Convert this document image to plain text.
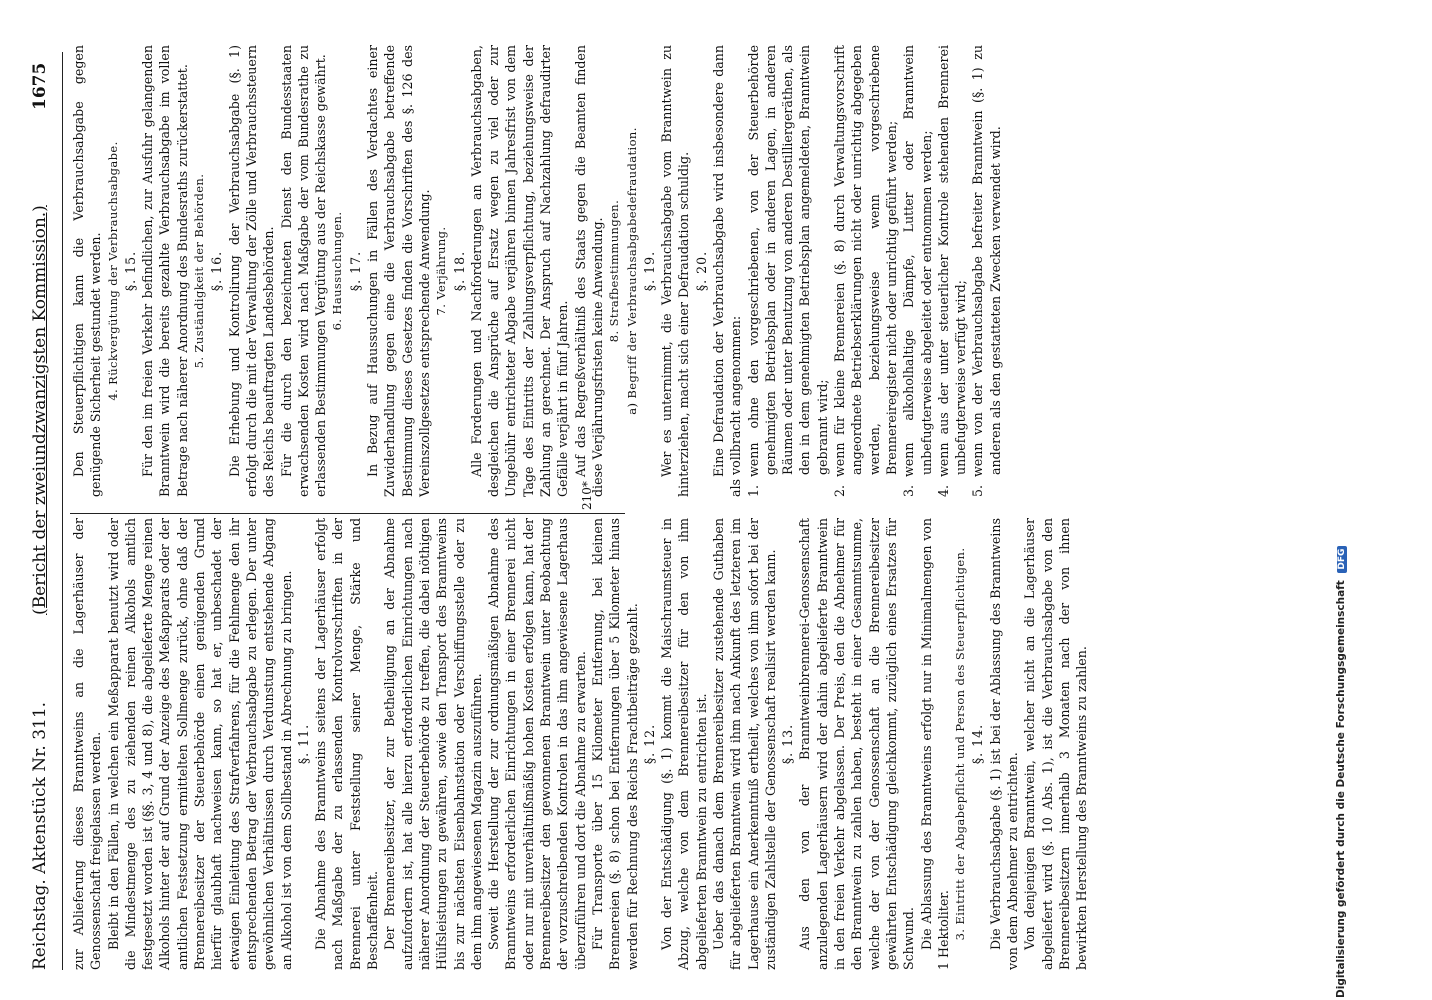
Reichstag. Aktenstück Nr. 311.
(Bericht der zweiundzwanzigsten Kommission.)
1675

zur Ablieferung dieses Branntweins an die Lagerhäuser der Genossenschaft freigelassen werden. Bleibt in den Fällen, in welchen ein Meßapparat benutzt wird oder die Mindestmenge des zu ziehenden reinen Alkohols amtlich festgesetzt worden ist (§§. 3, 4 und 8), die abgelieferte Menge reinen Alkohols hinter der auf Grund der Anzeige des Meßapparats oder der amtlichen Festsetzung ermittelten Sollmenge zurück, ohne daß der Brennereibesitzer der Steuerbehörde einen genügenden Grund hierfür glaubhaft nachweisen kann, so hat er, unbeschadet der etwaigen Einleitung des Strafverfahrens, für die Fehlmenge den ihr entsprechenden Betrag der Verbrauchsabgabe zu erlegen. Der unter gewöhnlichen Verhältnissen durch Verdunstung entstehende Abgang an Alkohol ist von dem Sollbestand in Abrechnung zu bringen. §. 11. Die Abnahme des Branntweins seitens der Lagerhäuser erfolgt nach Maßgabe der zu erlassenden Kontrolvorschriften in der Brennerei unter Feststellung seiner Menge, Stärke und Beschaffenheit. Der Brennereibesitzer, der zur Betheiligung an der Abnahme aufzufordern ist, hat alle hierzu erforderlichen Einrichtungen nach näherer Anordnung der Steuerbehörde zu treffen, die dabei nöthigen Hülfsleistungen zu gewähren, sowie den Transport des Branntweins bis zur nächsten Eisenbahnstation oder Verschiffungsstelle oder zu dem ihm angewiesenen Magazin auszuführen. Soweit die Herstellung der zur ordnungsmäßigen Abnahme des Branntweins erforderlichen Einrichtungen in einer Brennerei nicht oder nur mit unverhältnißmäßig hohen Kosten erfolgen kann, hat der Brennereibesitzer den gewonnenen Branntwein unter Beobachtung der vorzuschreibenden Kontrolen in das ihm angewiesene Lagerhaus überzuführen und dort die Abnahme zu erwarten. Für Transporte über 15 Kilometer Entfernung, bei kleinen Brennereien (§. 8) schon bei Entfernungen über 5 Kilometer hinaus werden für Rechnung des Reichs Frachtbeiträge gezahlt. §. 12. Von der Entschädigung (§. 1) kommt die Maischraumsteuer in Abzug, welche von dem Brennereibesitzer für den von ihm abgelieferten Branntwein zu entrichten ist. Ueber das danach dem Brennereibesitzer zustehende Guthaben für abgelieferten Branntwein wird ihm nach Ankunft des letzteren im Lagerhause ein Anerkenntniß ertheilt, welches von ihm sofort bei der zuständigen Zahlstelle der Genossenschaft realisirt werden kann. §. 13. Aus den von der Branntweinbrennerei-Genossenschaft anzulegenden Lagerhäusern wird der dahin abgelieferte Branntwein in den freien Verkehr abgelassen. Der Preis, den die Abnehmer für den Branntwein zu zahlen haben, besteht in einer Gesammtsumme, welche der von der Genossenschaft an die Brennereibesitzer gewährten Entschädigung gleichkommt, zuzüglich eines Ersatzes für Schwund. Die Ablassung des Branntweins erfolgt nur in Minimalmengen von 1 Hektoliter. 3. Eintritt der Abgabepflicht und Person des Steuerpflichtigen. §. 14. Die Verbrauchsabgabe (§. 1) ist bei der Ablassung des Branntweins von dem Abnehmer zu entrichten. Von denjenigen Branntwein, welcher nicht an die Lagerhäuser abgeliefert wird (§. 10 Abs. 1), ist die Verbrauchsabgabe von den Brennereibesitzern innerhalb 3 Monaten nach der von ihnen bewirkten Herstellung des Branntweins zu zahlen.

Den Steuerpflichtigen kann die Verbrauchsabgabe gegen genügende Sicherheit gestundet werden. 4. Rückvergütung der Verbrauchsabgabe. §. 15. Für den im freien Verkehr befindlichen, zur Ausfuhr gelangenden Branntwein wird die bereits gezahlte Verbrauchsabgabe im vollen Betrage nach näherer Anordnung des Bundesraths zurückerstattet. 5. Zuständigkeit der Behörden. §. 16. Die Erhebung und Kontrolirung der Verbrauchsabgabe (§. 1) erfolgt durch die mit der Verwaltung der Zölle und Verbrauchssteuern des Reichs beauftragten Landesbehörden. Für die durch den bezeichneten Dienst den Bundesstaaten erwachsenden Kosten wird nach Maßgabe der vom Bundesrathe zu erlassenden Bestimmungen Vergütung aus der Reichskasse gewährt. 6. Haussuchungen. §. 17. In Bezug auf Haussuchungen in Fällen des Verdachtes einer Zuwiderhandlung gegen eine die Verbrauchsabgabe betreffende Bestimmung dieses Gesetzes finden die Vorschriften des §. 126 des Vereinszollgesetzes entsprechende Anwendung. 7. Verjährung. §. 18. Alle Forderungen und Nachforderungen an Verbrauchsabgaben, desgleichen die Ansprüche auf Ersatz wegen zu viel oder zur Ungebühr entrichteter Abgabe verjähren binnen Jahresfrist von dem Tage des Eintritts der Zahlungsverpflichtung, beziehungsweise der Zahlung an gerechnet. Der Anspruch auf Nachzahlung defraudirter Gefälle verjährt in fünf Jahren. Auf das Regreßverhältniß des Staats gegen die Beamten finden diese Verjährungsfristen keine Anwendung. 8. Strafbestimmungen. a) Begriff der Verbrauchsabgabedefraudation. §. 19. Wer es unternimmt, die Verbrauchsabgabe vom Branntwein zu hinterziehen, macht sich einer Defraudation schuldig. §. 20. Eine Defraudation der Verbrauchsabgabe wird insbesondere dann als vollbracht angenommen: 1.wenn ohne den vorgeschriebenen, von der Steuerbehörde genehmigten Betriebsplan oder in anderen Lagen, in anderen Räumen oder unter Benutzung von anderen Destilliergeräthen, als den in dem genehmigten Betriebsplan angemeldeten, Branntwein gebrannt wird;

2.wenn für kleine Brennereien (§. 8) durch Verwaltungsvorschrift angeordnete Betriebserklärungen nicht oder unrichtig abgegeben werden, beziehungsweise wenn vorgeschriebene Brennereiregister nicht oder unrichtig geführt werden;

3.wenn alkoholhaltige Dämpfe, Lutter oder Branntwein unbefugterweise abgeleitet oder entnommen werden;

4.wenn aus der unter steuerlicher Kontrole stehenden Brennerei unbefugterweise verfügt wird;

5.wenn von der Verbrauchsabgabe befreiter Branntwein (§. 1) zu anderen als den gestatteten Zwecken verwendet wird.

210*
Digitalisierung gefördert durch die Deutsche Forschungsgemeinschaft DFG
